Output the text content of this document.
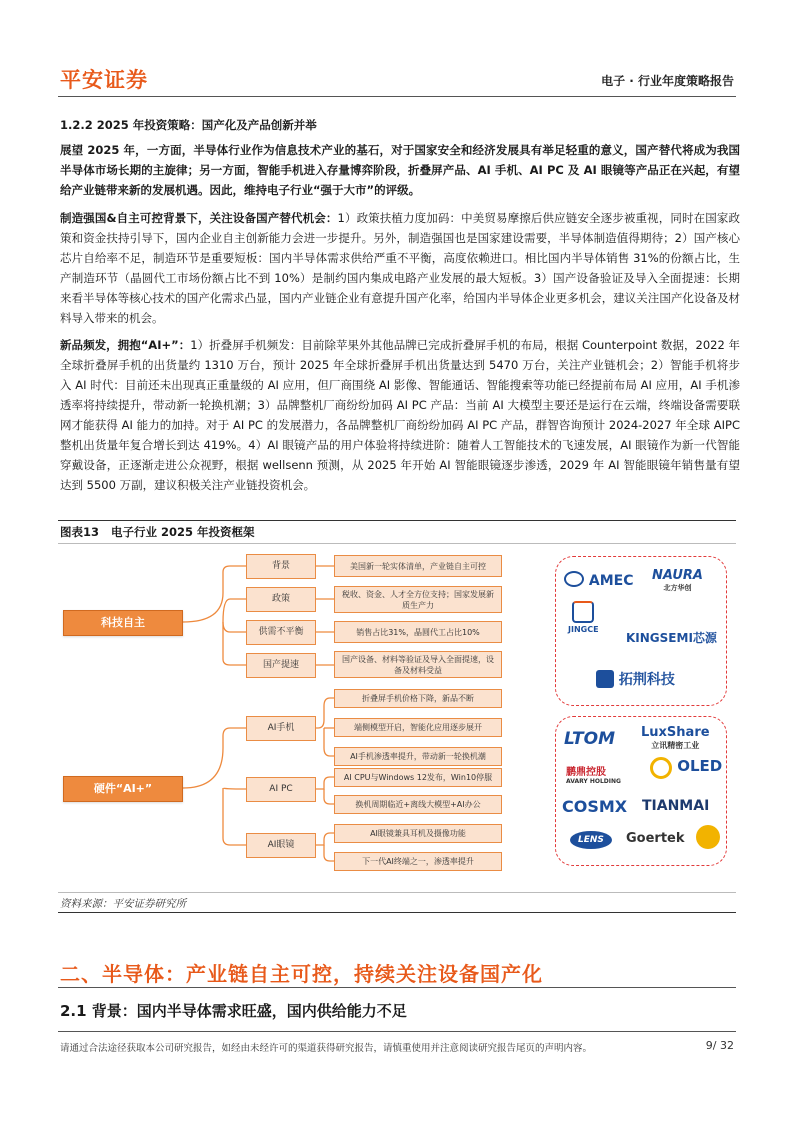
平安证券	电子 · 行业年度策略报告
1.2.2 2025 年投资策略：国产化及产品创新并举
展望 2025 年，一方面，半导体行业作为信息技术产业的基石，对于国家安全和经济发展具有举足轻重的意义，国产替代将成为我国半导体市场长期的主旋律；另一方面，智能手机进入存量博弈阶段，折叠屏产品、AI 手机、AI PC 及 AI 眼镜等产品正在兴起，有望给产业链带来新的发展机遇。因此，维持电子行业“强于大市”的评级。
制造强国&自主可控背景下，关注设备国产替代机会：1）政策扶植力度加码：中美贸易摩擦后供应链安全逐步被重视，同时在国家政策和资金扶持引导下，国内企业自主创新能力会进一步提升。另外，制造强国也是国家建设需要，半导体制造值得期待；2）国产核心芯片自给率不足，制造环节是重要短板：国内半导体需求供给严重不平衡，高度依赖进口。相比国内半导体销售 31%的份额占比，生产制造环节（晶圆代工市场份额占比不到 10%）是制约国内集成电路产业发展的最大短板。3）国产设备验证及导入全面提速：长期来看半导体等核心技术的国产化需求凸显，国内产业链企业有意提升国产化率，给国内半导体企业更多机会，建议关注国产化设备及材料导入带来的机会。
新品频发，拥抱“AI+”：1）折叠屏手机频发：目前除苹果外其他品牌已完成折叠屏手机的布局，根据 Counterpoint 数据，2022 年全球折叠屏手机的出货量约 1310 万台，预计 2025 年全球折叠屏手机出货量达到 5470 万台，关注产业链机会；2）智能手机将步入 AI 时代：目前还未出现真正重量级的 AI 应用，但厂商围绕 AI 影像、智能通话、智能搜索等功能已经提前布局 AI 应用，AI 手机渗透率将持续提升，带动新一轮换机潮；3）品牌整机厂商纷纷加码 AI PC 产品：当前 AI 大模型主要还是运行在云端，终端设备需要联网才能获得 AI 能力的加持。对于 AI PC 的发展潜力，各品牌整机厂商纷纷加码 AI PC 产品，群智咨询预计 2024-2027 年全球 AIPC 整机出货量年复合增长到达 419%。4）AI 眼镜产品的用户体验将持续进阶：随着人工智能技术的飞速发展，AI 眼镜作为新一代智能穿戴设备，正逐渐走进公众视野，根据 wellsenn 预测，从 2025 年开始 AI 智能眼镜逐步渗透，2029 年 AI 智能眼镜年销售量有望达到 5500 万副，建议积极关注产业链投资机会。
图表13 电子行业 2025 年投资框架
科技自主
背景
政策
供需不平衡
国产提速
美国新一轮实体清单，产业链自主可控
税收、资金、人才全方位支持；国家发展新质生产力
销售占比31%，晶圆代工占比10%
国产设备、材料等验证及导入全面提速，设备及材料受益
硬件“AI+”
AI手机
AI PC
AI眼镜
折叠屏手机价格下降，新品不断
端侧模型开启，智能化应用逐步展开
AI手机渗透率提升，带动新一轮换机潮
AI CPU与Windows 12发布，Win10停服
换机周期临近+离线大模型+AI办公
AI眼镜兼具耳机及摄像功能
下一代AI终端之一，渗透率提升
AMEC NAURA
北方华创
JINGCE
KINGSEMI芯源
拓荆科技
LTOM LuxShare
立讯精密工业
鹏鼎控股
AVARY HOLDING
OLED
COSMX TIANMAI
LENS	Goertek
资料来源：平安证券研究所
二、半导体：产业链自主可控，持续关注设备国产化
2.1 背景：国内半导体需求旺盛，国内供给能力不足
请通过合法途径获取本公司研究报告，如经由未经许可的渠道获得研究报告，请慎重使用并注意阅读研究报告尾页的声明内容。	9/ 32
